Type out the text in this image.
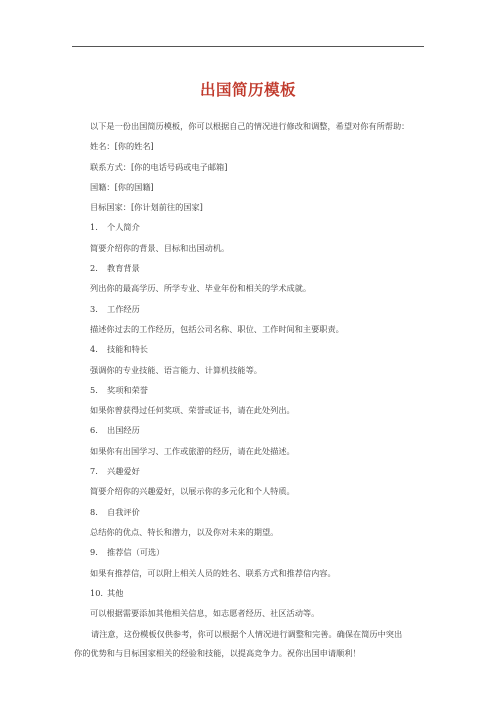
出国简历模板
以下是一份出国简历模板，你可以根据自己的情况进行修改和调整，希望对你有所帮助：
姓名：[你的姓名]
联系方式：[你的电话号码或电子邮箱]
国籍：[你的国籍]
目标国家：[你计划前往的国家]
1. 个人简介
简要介绍你的背景、目标和出国动机。
2. 教育背景
列出你的最高学历、所学专业、毕业年份和相关的学术成就。
3. 工作经历
描述你过去的工作经历，包括公司名称、职位、工作时间和主要职责。
4. 技能和特长
强调你的专业技能、语言能力、计算机技能等。
5. 奖项和荣誉
如果你曾获得过任何奖项、荣誉或证书，请在此处列出。
6. 出国经历
如果你有出国学习、工作或旅游的经历，请在此处描述。
7. 兴趣爱好
简要介绍你的兴趣爱好，以展示你的多元化和个人特质。
8. 自我评价
总结你的优点、特长和潜力，以及你对未来的期望。
9. 推荐信（可选）
如果有推荐信，可以附上相关人员的姓名、联系方式和推荐信内容。
10. 其他
可以根据需要添加其他相关信息，如志愿者经历、社区活动等。
请注意，这份模板仅供参考，你可以根据个人情况进行调整和完善。确保在简历中突出
你的优势和与目标国家相关的经验和技能，以提高竞争力。祝你出国申请顺利！
